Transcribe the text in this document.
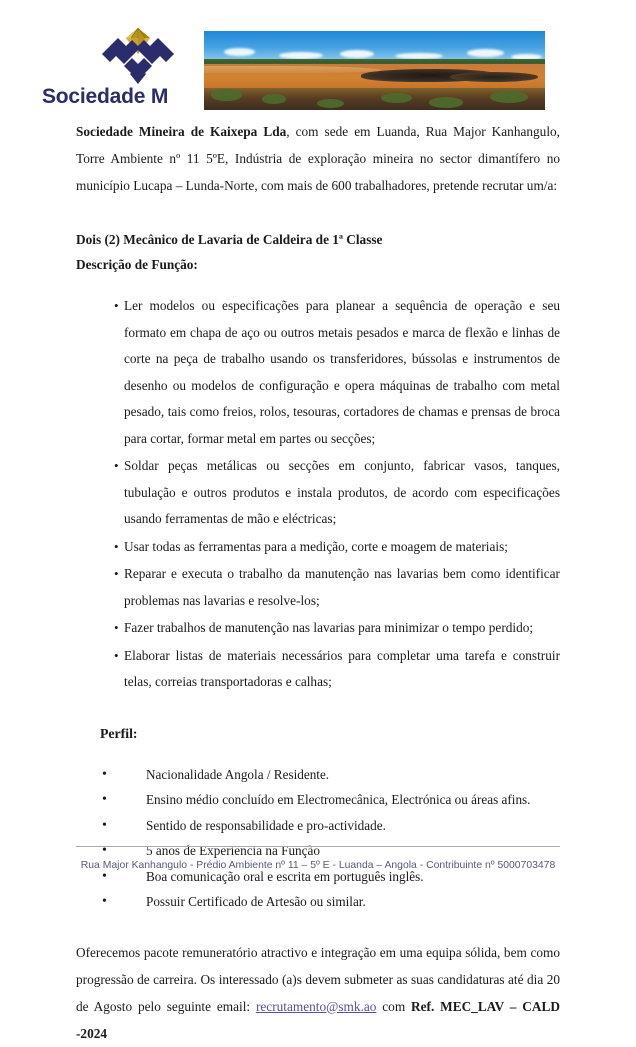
Sociedade M

Sociedade Mineira de Kaixepa Lda, com sede em Luanda, Rua Major Kanhangulo, Torre Ambiente nº 11 5ºE, Indústria de exploração mineira no sector dimantífero no município Lucapa – Lunda-Norte, com mais de 600 trabalhadores, pretende recrutar um/a:

Dois (2) Mecânico de Lavaria de Caldeira de 1ª Classe

Descrição de Função:

• Ler modelos ou especificações para planear a sequência de operação e seu formato em chapa de aço ou outros metais pesados e marca de flexão e linhas de corte na peça de trabalho usando os transferidores, bússolas e instrumentos de desenho ou modelos de configuração e opera máquinas de trabalho com metal pesado, tais como freios, rolos, tesouras, cortadores de chamas e prensas de broca para cortar, formar metal em partes ou secções;
• Soldar peças metálicas ou secções em conjunto, fabricar vasos, tanques, tubulação e outros produtos e instala produtos, de acordo com especificações usando ferramentas de mão e eléctricas;
• Usar todas as ferramentas para a medição, corte e moagem de materiais;
• Reparar e executa o trabalho da manutenção nas lavarias bem como identificar problemas nas lavarias e resolve-los;
• Fazer trabalhos de manutenção nas lavarias para minimizar o tempo perdido;
• Elaborar listas de materiais necessários para completar uma tarefa e construir telas, correias transportadoras e calhas;

Perfil:

• Nacionalidade Angola / Residente.
• Ensino médio concluído em Electromecânica, Electrónica ou áreas afins.
• Sentido de responsabilidade e pro-actividade.
• 5 anos de Experiencia na Função
• Boa comunicação oral e escrita em português inglês.
• Possuir Certificado de Artesão ou similar.

Oferecemos pacote remuneratório atractivo e integração em uma equipa sólida, bem como progressão de carreira. Os interessado (a)s devem submeter as suas candidaturas até dia 20 de Agosto pelo seguinte email: recrutamento@smk.ao com Ref. MEC_LAV – CALD -2024

Rua Major Kanhangulo - Prédio Ambiente nº 11 – 5º E - Luanda – Angola - Contribuinte nº 5000703478
